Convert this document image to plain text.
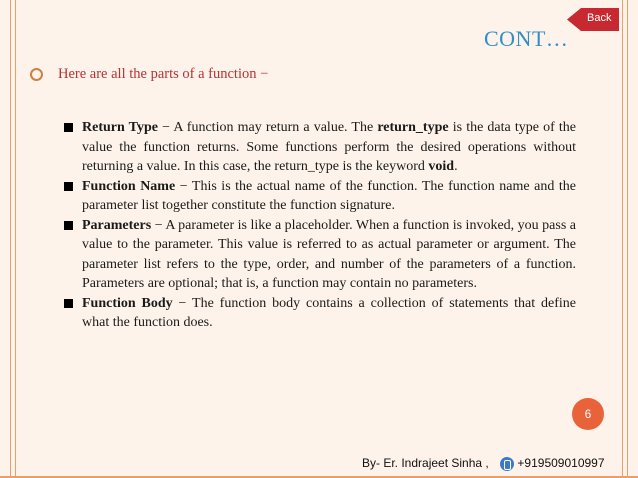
Back
CONT…
Here are all the parts of a function −
Return Type − A function may return a value. The return_type is the data type of the value the function returns. Some functions perform the desired operations without returning a value. In this case, the return_type is the keyword void.
Function Name − This is the actual name of the function. The function name and the parameter list together constitute the function signature.
Parameters − A parameter is like a placeholder. When a function is invoked, you pass a value to the parameter. This value is referred to as actual parameter or argument. The parameter list refers to the type, order, and number of the parameters of a function. Parameters are optional; that is, a function may contain no parameters.
Function Body − The function body contains a collection of statements that define what the function does.
6
By- Er. Indrajeet Sinha , +919509010997
